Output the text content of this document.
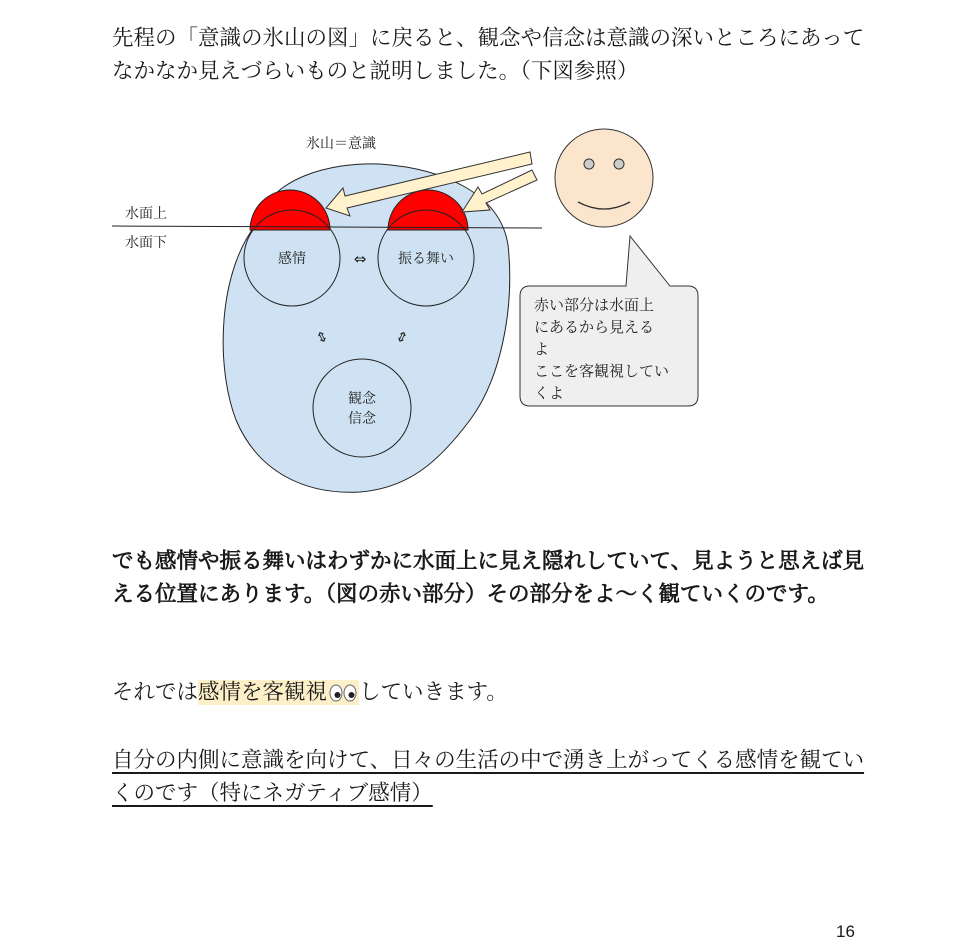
先程の「意識の氷山の図」に戻ると、観念や信念は意識の深いところにあってなかなか見えづらいものと説明しました。（下図参照）

氷山＝意識
水面上
水面下
感情	振る舞い
⇔
⇕	⇕
観念
信念
赤い部分は水面上
にあるから見える
よ
ここを客観視してい
くよ

でも感情や振る舞いはわずかに水面上に見え隠れしていて、見ようと思えば見える位置にあります。（図の赤い部分）その部分をよ〜く観ていくのです。

それでは感情を客観視 していきます。

自分の内側に意識を向けて、日々の生活の中で湧き上がってくる感情を観ていくのです（特にネガティブ感情）

16
